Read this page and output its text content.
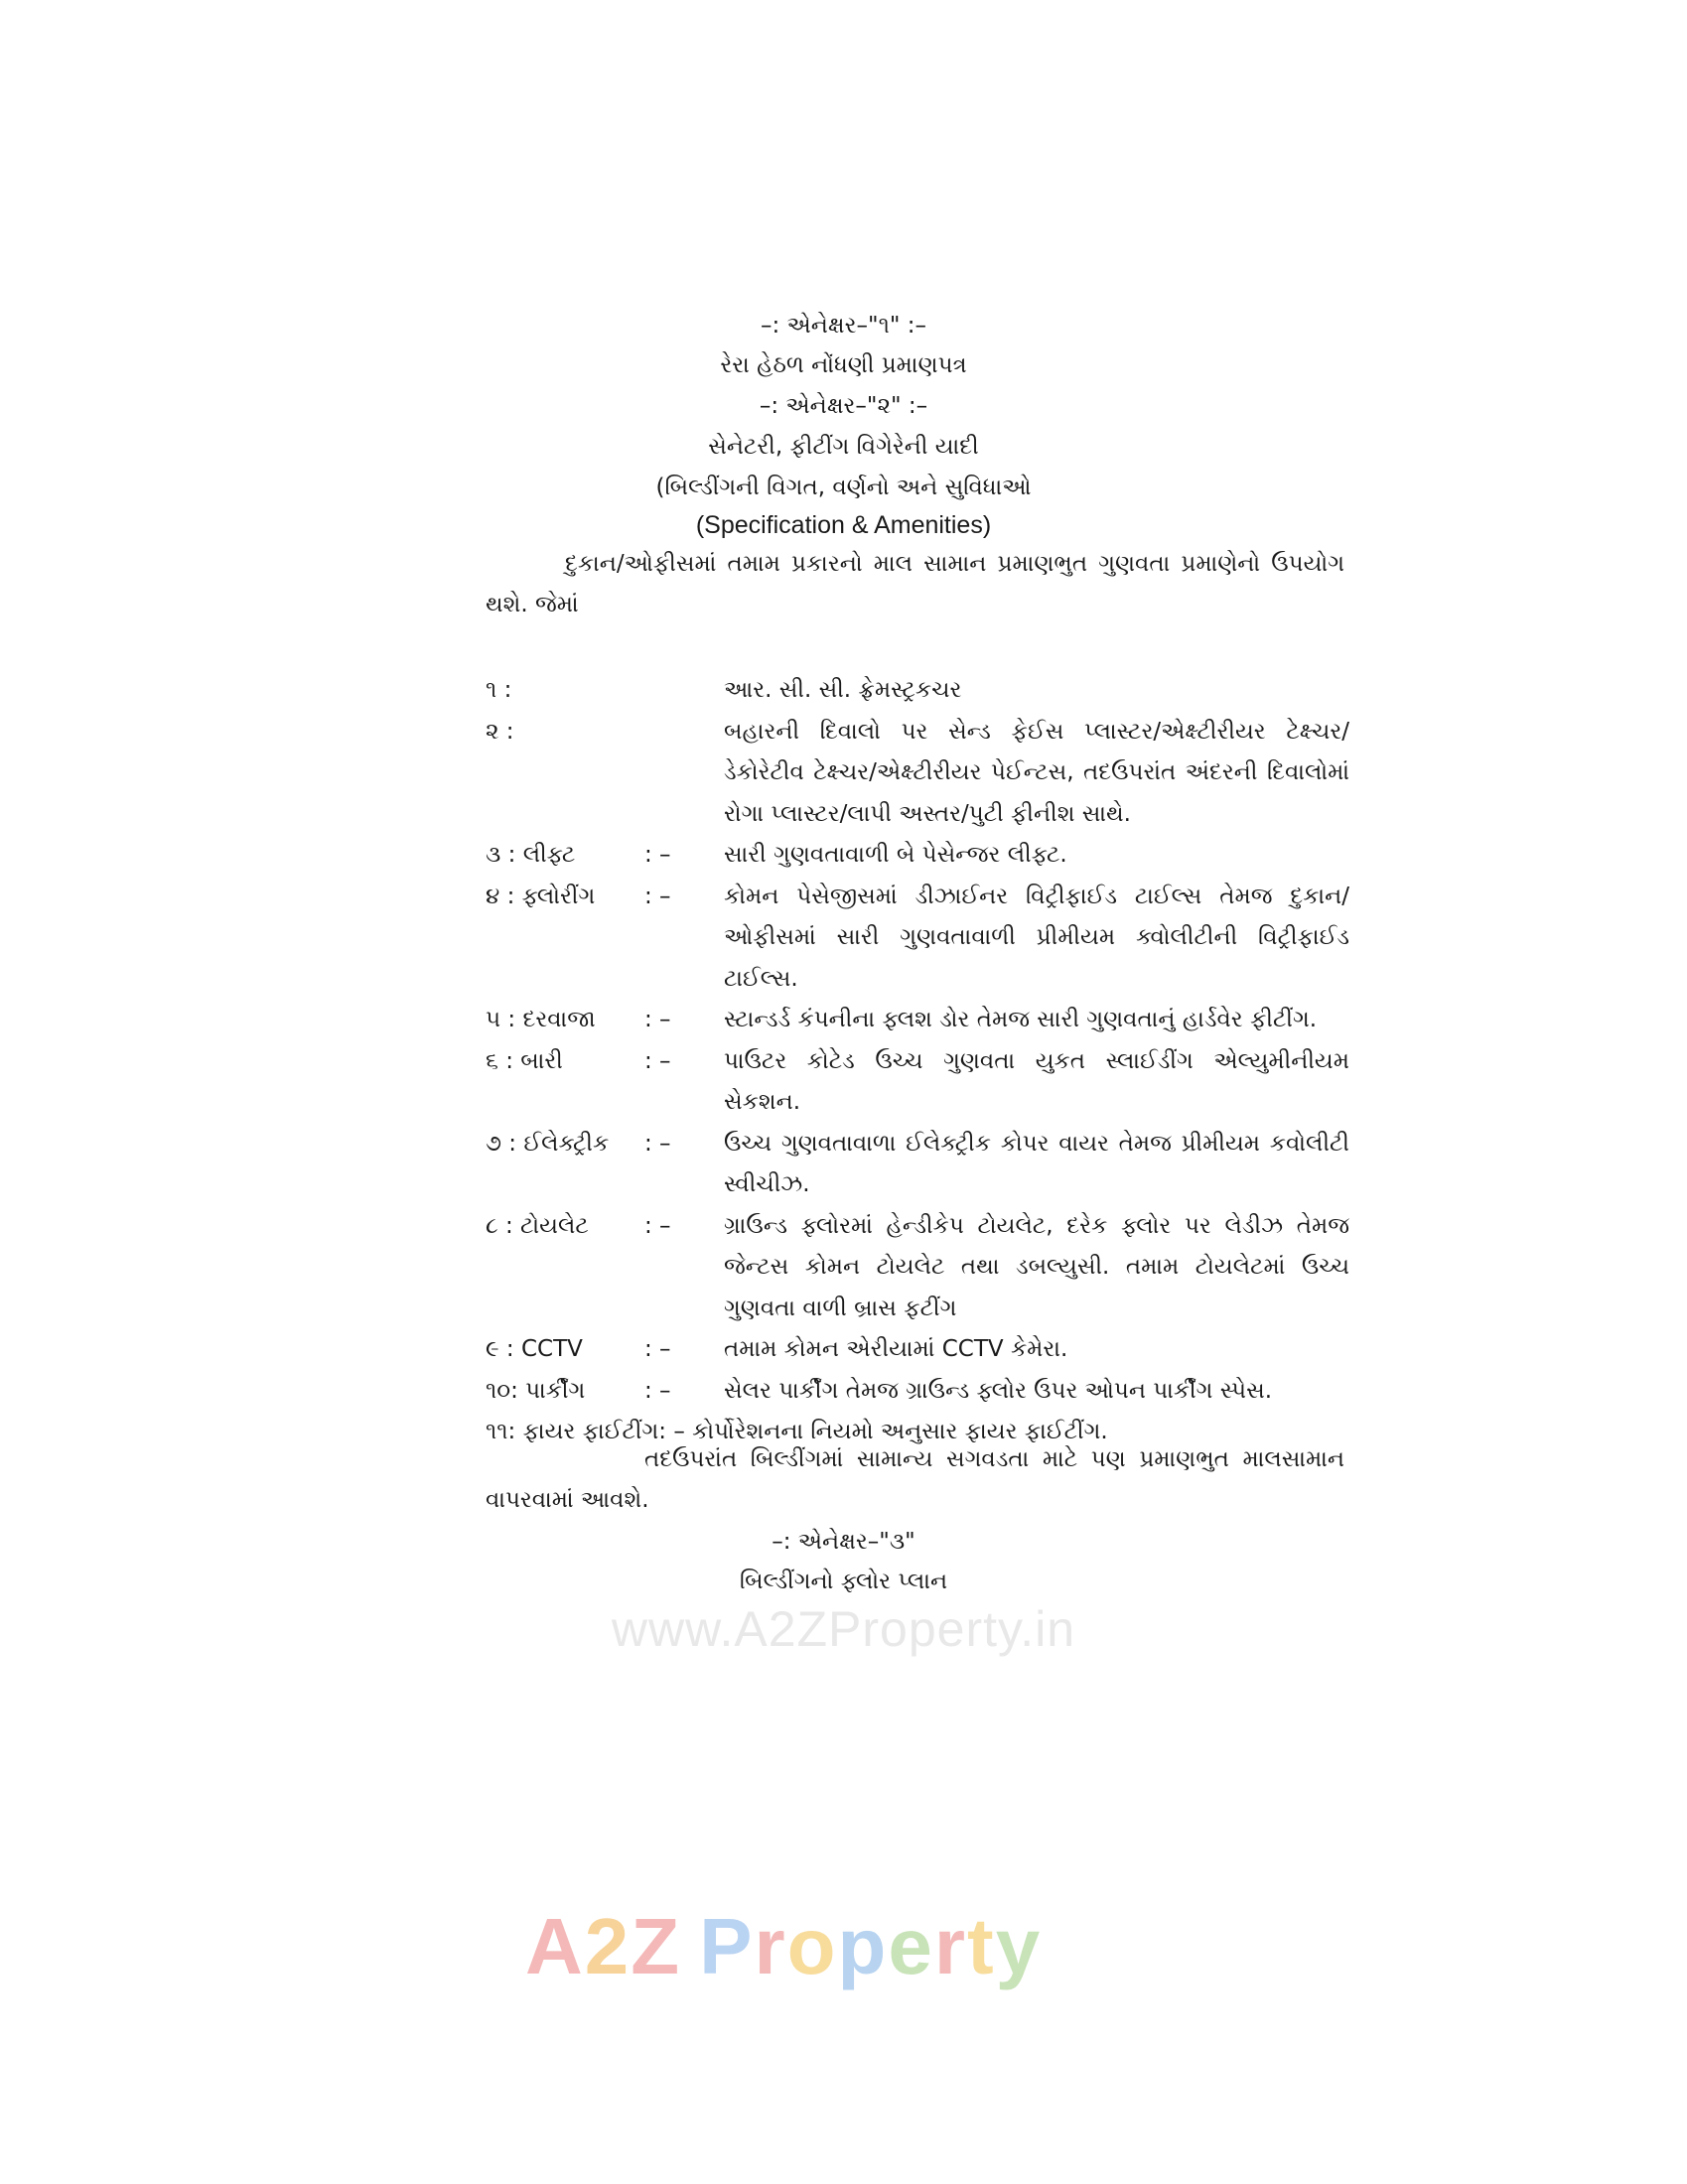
–: એનેક્ષર–"૧" :–
રેરા હેઠળ નોંધણી પ્રમાણપત્ર
–: એનેક્ષર–"૨" :–
સેનેટરી, ફીટીંગ વિગેરેની યાદી
(બિલ્ડીંગની વિગત, વર્ણનો અને સુવિધાઓ
(Specification & Amenities)
દુકાન/ઓફીસમાં તમામ પ્રકારનો માલ સામાન પ્રમાણભુત ગુણવતા પ્રમાણેનો ઉપયોગ થશે. જેમાં
૧ :	આર. સી. સી. ફ્રેમસ્ટ્રકચર
૨ :	બહારની દિવાલો પર સેન્ડ ફેઈસ પ્લાસ્ટર/એક્ષ્ટીરીયર ટેક્ષ્ચર/ડેકોરેટીવ ટેક્ષ્ચર/એક્ષ્ટીરીયર પેઈન્ટસ, તદઉપરાંત અંદરની દિવાલોમાં રોગા પ્લાસ્ટર/લાપી અસ્તર/પુટી ફીનીશ સાથે.
૩ : લીફ્ટ	: – સારી ગુણવતાવાળી બે પેસેન્જર લીફ્ટ.
૪ : ફ્લોરીંગ : – કોમન પેસેજીસમાં ડીઝાઈનર વિટ્રીફાઈડ ટાઈલ્સ તેમજ દુકાન/ઓફીસમાં સારી ગુણવતાવાળી પ્રીમીયમ ક્વોલીટીની વિટ્રીફાઈડ ટાઈલ્સ.
૫ : દરવાજા : – સ્ટાન્ડર્ડ કંપનીના ફ્લશ ડોર તેમજ સારી ગુણવતાનું હાર્ડવેર ફીટીંગ.
૬ : બારી	: – પાઉટર કોટેડ ઉચ્ચ ગુણવતા યુકત સ્લાઈડીંગ એલ્યુમીનીયમ સેકશન.
૭ : ઈલેક્ટ્રીક : – ઉચ્ચ ગુણવતાવાળા ઈલેક્ટ્રીક કોપર વાયર તેમજ પ્રીમીયમ કવોલીટી સ્વીચીઝ.
૮ : ટોયલેટ : – ગ્રાઉન્ડ ફ્લોરમાં હેન્ડીકેપ ટોયલેટ, દરેક ફ્લોર પર લેડીઝ તેમજ જેન્ટસ કોમન ટોયલેટ તથા ડબલ્યુસી. તમામ ટોયલેટમાં ઉચ્ચ ગુણવતા વાળી બ્રાસ ફટીંગ
૯ : CCTV	: – તમામ કોમન એરીયામાં CCTV કેમેરા.
૧૦: પાર્કીંગ	: – સેલર પાર્કીંગ તેમજ ગ્રાઉન્ડ ફ્લોર ઉપર ઓપન પાર્કીંગ સ્પેસ.
૧૧: ફાયર ફાઈટીંગ: – કોર્પોરેશનના નિયમો અનુસાર ફાયર ફાઈટીંગ.
તદઉપરાંત બિલ્ડીંગમાં સામાન્ય સગવડતા માટે પણ પ્રમાણભુત માલસામાન વાપરવામાં આવશે.
–: એનેક્ષર–"૩"
બિલ્ડીંગનો ફ્લોર પ્લાન
www.A2ZProperty.in
A2Z Property
